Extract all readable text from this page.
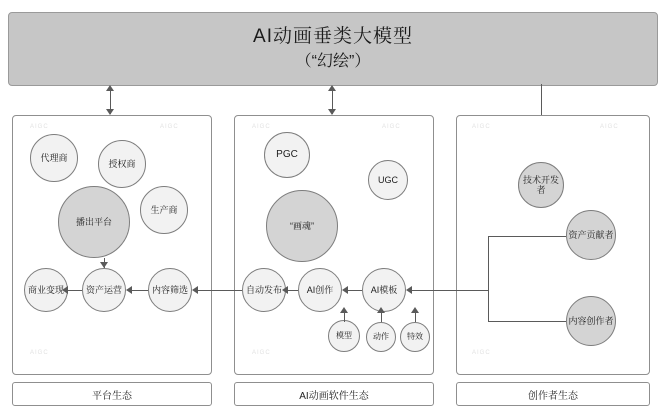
AI动画垂类大模型
（“幻绘”）
AIGC	AIGC	AIGC	AIGC	AIGC	AIGC
AIGC	AIGC	AIGC
代理商
授权商
生产商
播出平台
商业变现 资产运营	内容筛选
PGC
UGC
“画魂”
自动发布	AI创作	AI模板
模型	动作 特效
技术开发者
资产贡献者
内容创作者
平台生态	AI动画软件生态	创作者生态
